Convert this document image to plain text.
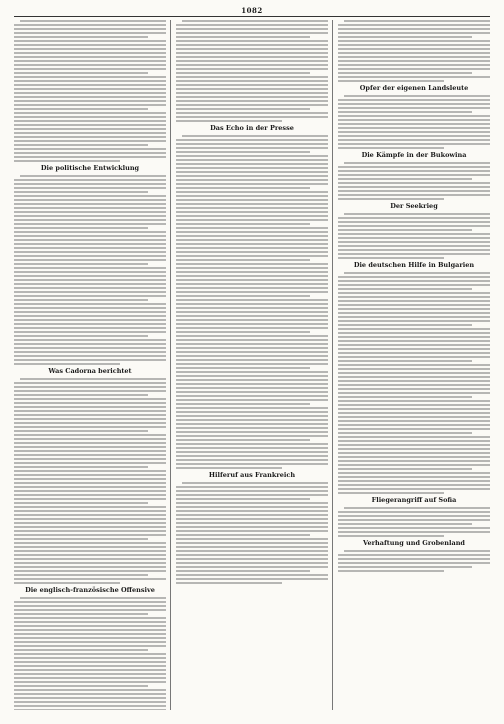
1082
Die politische Entwicklung
Was Cadorna berichtet
Die englisch-französische Offensive
Das Echo in der Presse
Hilferuf aus Frankreich
Opfer der eigenen Landsleute
Die Kämpfe in der Bukowina
Der Seekrieg
Die deutschen Hilfe in Bulgarien
Fliegerangriff auf Sofia
Verhaftung und Grobenland
